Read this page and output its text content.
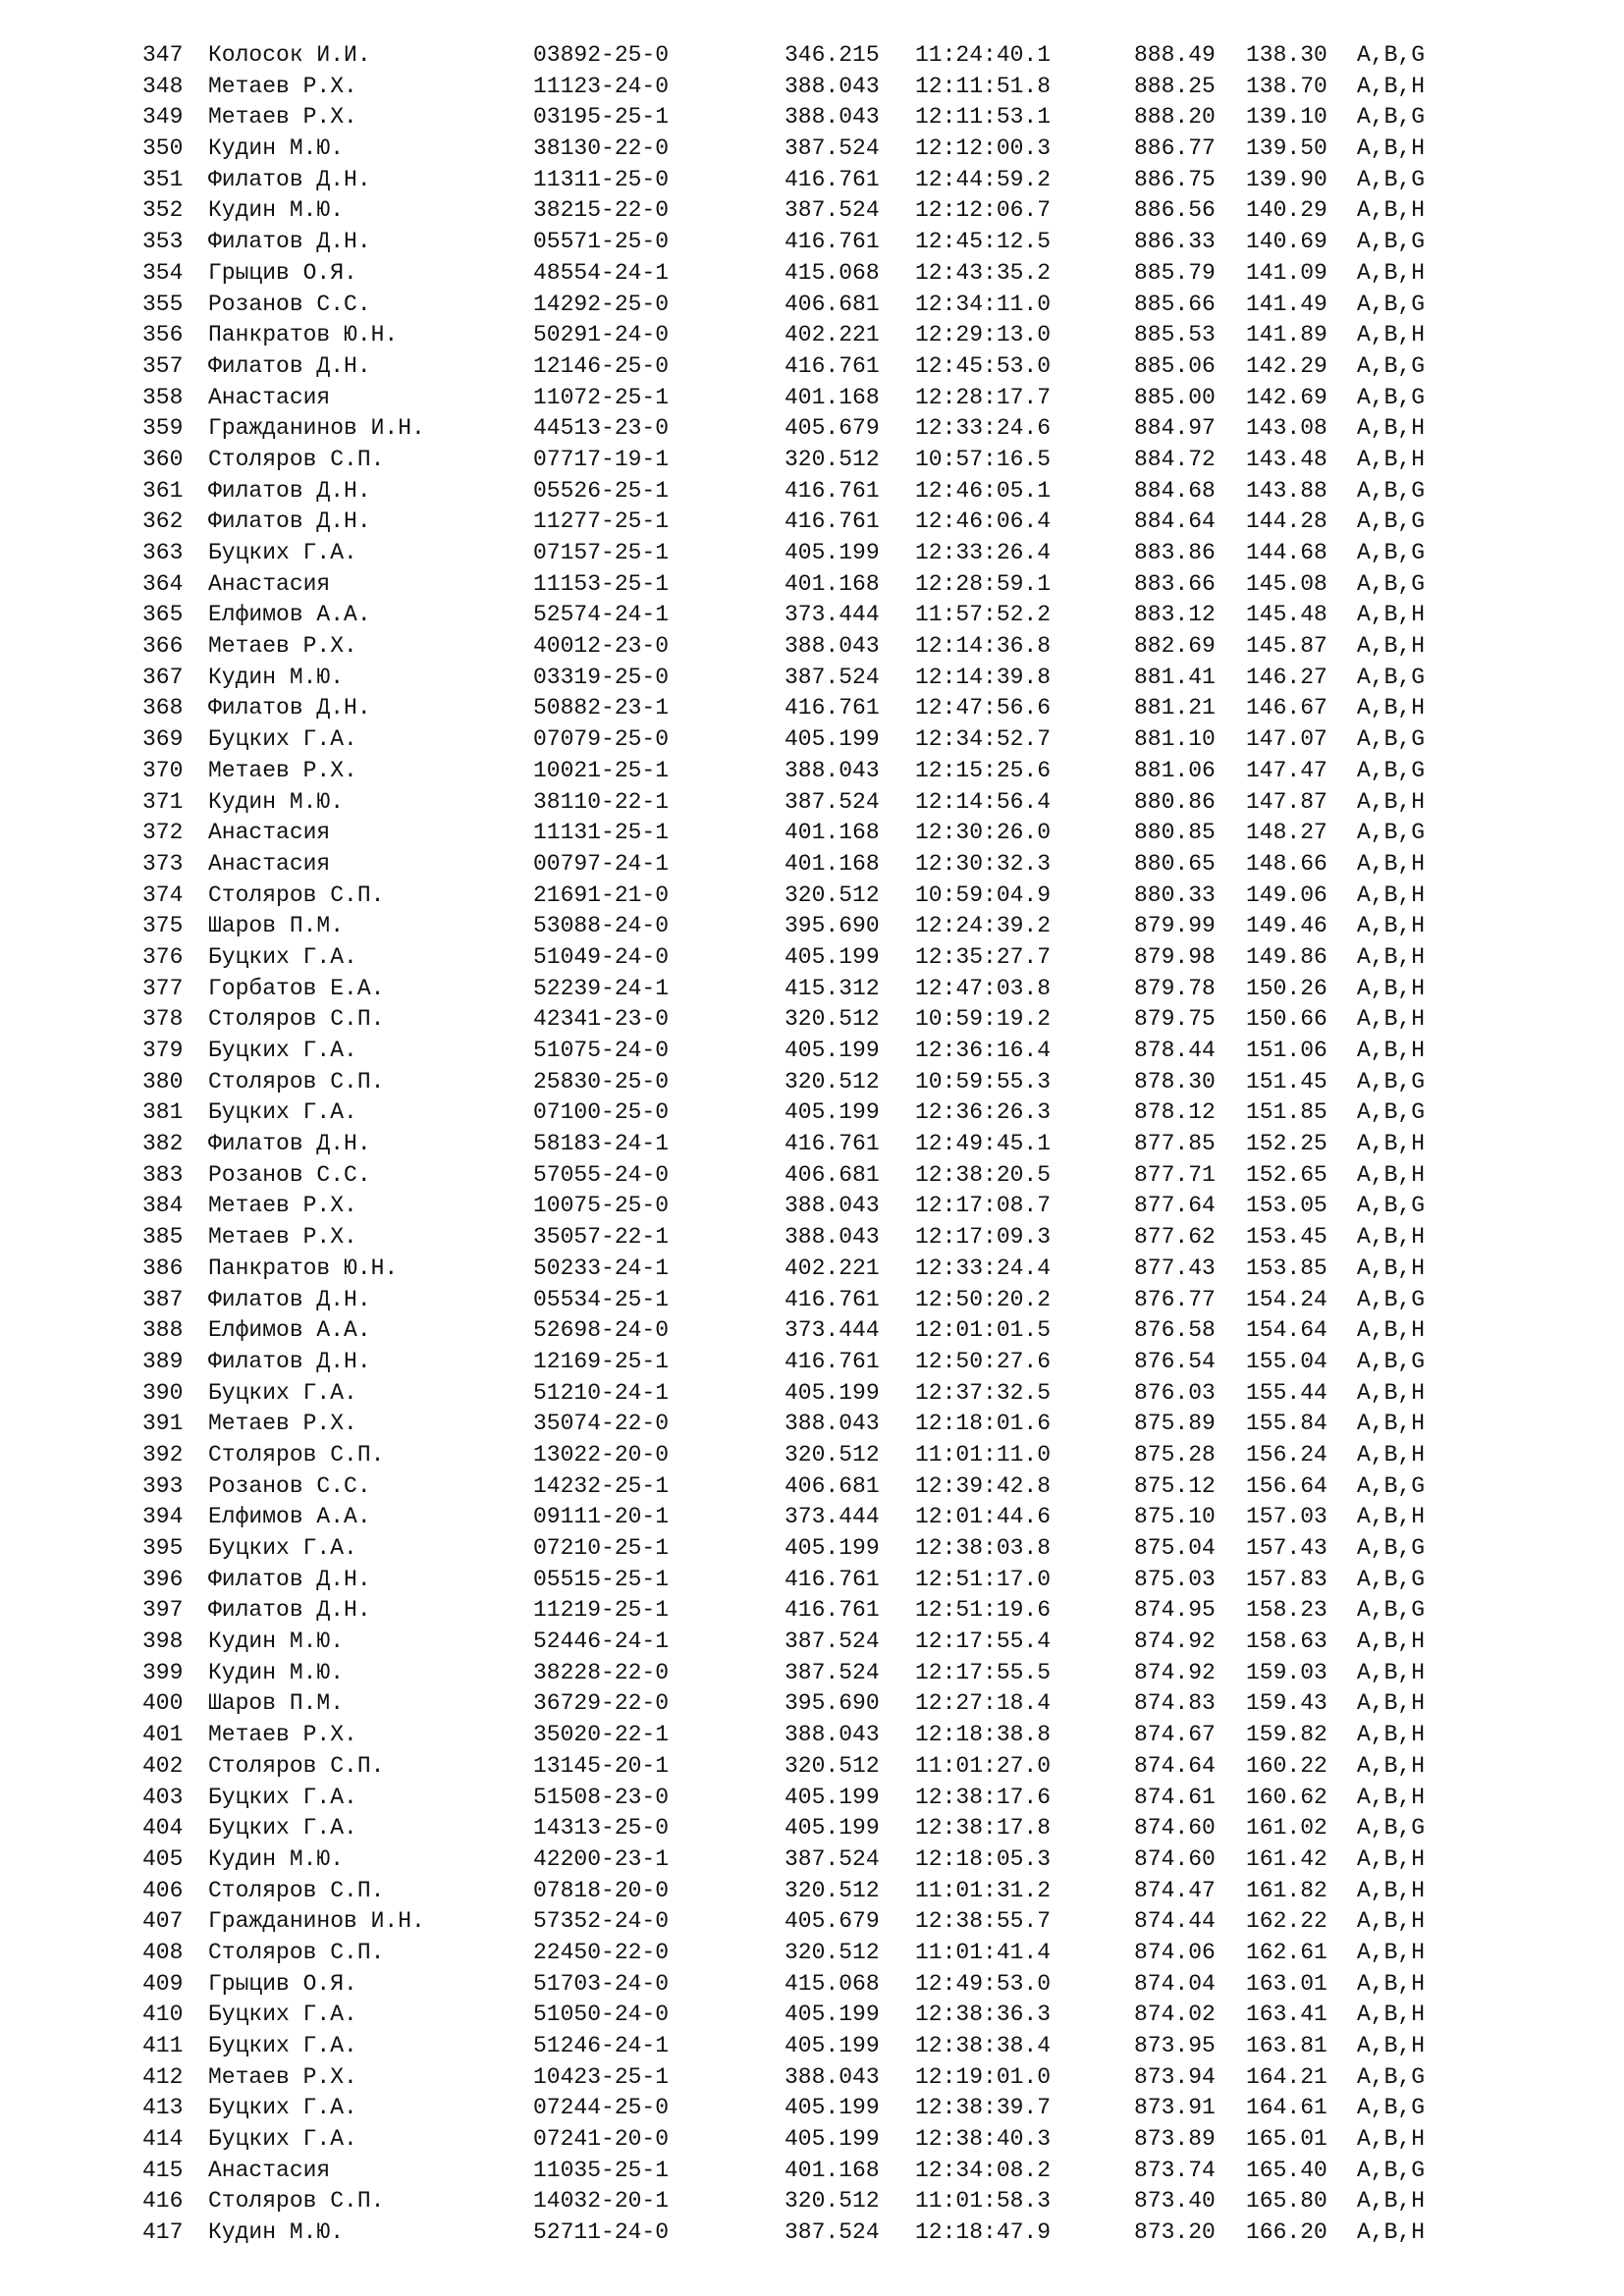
347 Колосок И.И.	03892-25-0	346.215 11:24:40.1	888.49 138.30 A,B,G
348 Метаев Р.Х.	11123-24-0	388.043 12:11:51.8	888.25 138.70 A,B,H
349 Метаев Р.Х.	03195-25-1	388.043 12:11:53.1	888.20 139.10 A,B,G
350 Кудин М.Ю.	38130-22-0	387.524 12:12:00.3	886.77 139.50 A,B,H
351 Филатов Д.Н.	11311-25-0	416.761 12:44:59.2	886.75 139.90 A,B,G
352 Кудин М.Ю.	38215-22-0	387.524 12:12:06.7	886.56 140.29 A,B,H
353 Филатов Д.Н.	05571-25-0	416.761 12:45:12.5	886.33 140.69 A,B,G
354 Грыцив О.Я.	48554-24-1	415.068 12:43:35.2	885.79 141.09 A,B,H
355 Розанов С.С.	14292-25-0	406.681 12:34:11.0	885.66 141.49 A,B,G
356 Панкратов Ю.Н.	50291-24-0	402.221 12:29:13.0	885.53 141.89 A,B,H
357 Филатов Д.Н.	12146-25-0	416.761 12:45:53.0	885.06 142.29 A,B,G
358 Анастасия	11072-25-1	401.168 12:28:17.7	885.00 142.69 A,B,G
359 Гражданинов И.Н.	44513-23-0	405.679 12:33:24.6	884.97 143.08 A,B,H
360 Столяров С.П.	07717-19-1	320.512 10:57:16.5	884.72 143.48 A,B,H
361 Филатов Д.Н.	05526-25-1	416.761 12:46:05.1	884.68 143.88 A,B,G
362 Филатов Д.Н.	11277-25-1	416.761 12:46:06.4	884.64 144.28 A,B,G
363 Буцких Г.А.	07157-25-1	405.199 12:33:26.4	883.86 144.68 A,B,G
364 Анастасия	11153-25-1	401.168 12:28:59.1	883.66 145.08 A,B,G
365 Елфимов А.А.	52574-24-1	373.444 11:57:52.2	883.12 145.48 A,B,H
366 Метаев Р.Х.	40012-23-0	388.043 12:14:36.8	882.69 145.87 A,B,H
367 Кудин М.Ю.	03319-25-0	387.524 12:14:39.8	881.41 146.27 A,B,G
368 Филатов Д.Н.	50882-23-1	416.761 12:47:56.6	881.21 146.67 A,B,H
369 Буцких Г.А.	07079-25-0	405.199 12:34:52.7	881.10 147.07 A,B,G
370 Метаев Р.Х.	10021-25-1	388.043 12:15:25.6	881.06 147.47 A,B,G
371 Кудин М.Ю.	38110-22-1	387.524 12:14:56.4	880.86 147.87 A,B,H
372 Анастасия	11131-25-1	401.168 12:30:26.0	880.85 148.27 A,B,G
373 Анастасия	00797-24-1	401.168 12:30:32.3	880.65 148.66 A,B,H
374 Столяров С.П.	21691-21-0	320.512 10:59:04.9	880.33 149.06 A,B,H
375 Шаров П.М.	53088-24-0	395.690 12:24:39.2	879.99 149.46 A,B,H
376 Буцких Г.А.	51049-24-0	405.199 12:35:27.7	879.98 149.86 A,B,H
377 Горбатов Е.А.	52239-24-1	415.312 12:47:03.8	879.78 150.26 A,B,H
378 Столяров С.П.	42341-23-0	320.512 10:59:19.2	879.75 150.66 A,B,H
379 Буцких Г.А.	51075-24-0	405.199 12:36:16.4	878.44 151.06 A,B,H
380 Столяров С.П.	25830-25-0	320.512 10:59:55.3	878.30 151.45 A,B,G
381 Буцких Г.А.	07100-25-0	405.199 12:36:26.3	878.12 151.85 A,B,G
382 Филатов Д.Н.	58183-24-1	416.761 12:49:45.1	877.85 152.25 A,B,H
383 Розанов С.С.	57055-24-0	406.681 12:38:20.5	877.71 152.65 A,B,H
384 Метаев Р.Х.	10075-25-0	388.043 12:17:08.7	877.64 153.05 A,B,G
385 Метаев Р.Х.	35057-22-1	388.043 12:17:09.3	877.62 153.45 A,B,H
386 Панкратов Ю.Н.	50233-24-1	402.221 12:33:24.4	877.43 153.85 A,B,H
387 Филатов Д.Н.	05534-25-1	416.761 12:50:20.2	876.77 154.24 A,B,G
388 Елфимов А.А.	52698-24-0	373.444 12:01:01.5	876.58 154.64 A,B,H
389 Филатов Д.Н.	12169-25-1	416.761 12:50:27.6	876.54 155.04 A,B,G
390 Буцких Г.А.	51210-24-1	405.199 12:37:32.5	876.03 155.44 A,B,H
391 Метаев Р.Х.	35074-22-0	388.043 12:18:01.6	875.89 155.84 A,B,H
392 Столяров С.П.	13022-20-0	320.512 11:01:11.0	875.28 156.24 A,B,H
393 Розанов С.С.	14232-25-1	406.681 12:39:42.8	875.12 156.64 A,B,G
394 Елфимов А.А.	09111-20-1	373.444 12:01:44.6	875.10 157.03 A,B,H
395 Буцких Г.А.	07210-25-1	405.199 12:38:03.8	875.04 157.43 A,B,G
396 Филатов Д.Н.	05515-25-1	416.761 12:51:17.0	875.03 157.83 A,B,G
397 Филатов Д.Н.	11219-25-1	416.761 12:51:19.6	874.95 158.23 A,B,G
398 Кудин М.Ю.	52446-24-1	387.524 12:17:55.4	874.92 158.63 A,B,H
399 Кудин М.Ю.	38228-22-0	387.524 12:17:55.5	874.92 159.03 A,B,H
400 Шаров П.М.	36729-22-0	395.690 12:27:18.4	874.83 159.43 A,B,H
401 Метаев Р.Х.	35020-22-1	388.043 12:18:38.8	874.67 159.82 A,B,H
402 Столяров С.П.	13145-20-1	320.512 11:01:27.0	874.64 160.22 A,B,H
403 Буцких Г.А.	51508-23-0	405.199 12:38:17.6	874.61 160.62 A,B,H
404 Буцких Г.А.	14313-25-0	405.199 12:38:17.8	874.60 161.02 A,B,G
405 Кудин М.Ю.	42200-23-1	387.524 12:18:05.3	874.60 161.42 A,B,H
406 Столяров С.П.	07818-20-0	320.512 11:01:31.2	874.47 161.82 A,B,H
407 Гражданинов И.Н.	57352-24-0	405.679 12:38:55.7	874.44 162.22 A,B,H
408 Столяров С.П.	22450-22-0	320.512 11:01:41.4	874.06 162.61 A,B,H
409 Грыцив О.Я.	51703-24-0	415.068 12:49:53.0	874.04 163.01 A,B,H
410 Буцких Г.А.	51050-24-0	405.199 12:38:36.3	874.02 163.41 A,B,H
411 Буцких Г.А.	51246-24-1	405.199 12:38:38.4	873.95 163.81 A,B,H
412 Метаев Р.Х.	10423-25-1	388.043 12:19:01.0	873.94 164.21 A,B,G
413 Буцких Г.А.	07244-25-0	405.199 12:38:39.7	873.91 164.61 A,B,G
414 Буцких Г.А.	07241-20-0	405.199 12:38:40.3	873.89 165.01 A,B,H
415 Анастасия	11035-25-1	401.168 12:34:08.2	873.74 165.40 A,B,G
416 Столяров С.П.	14032-20-1	320.512 11:01:58.3	873.40 165.80 A,B,H
417 Кудин М.Ю.	52711-24-0	387.524 12:18:47.9	873.20 166.20 A,B,H
